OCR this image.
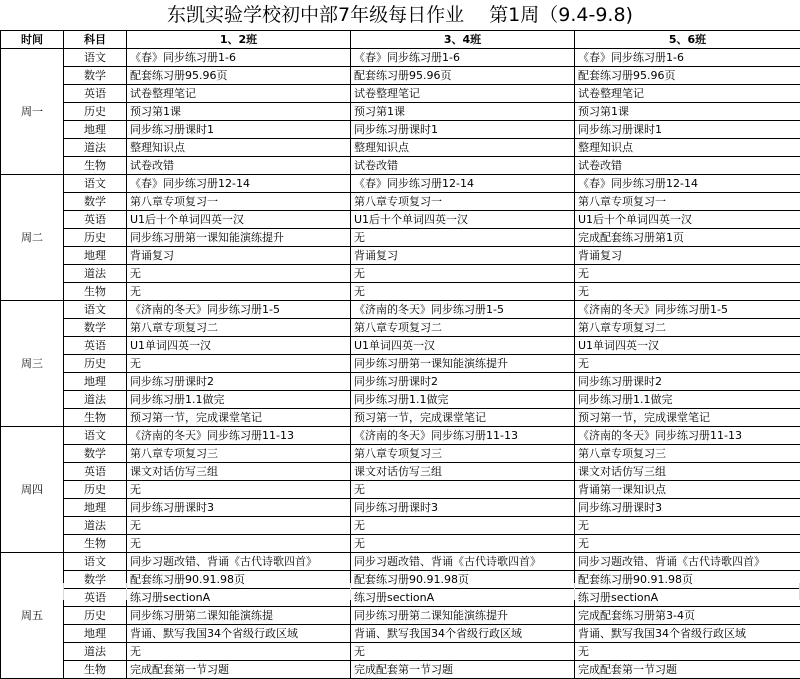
东凯实验学校初中部7年级每日作业 　第1周（9.4-9.8)
时间	科目	1、2班	3、4班	5、6班
周一	语文	《春》同步练习册1-6	《春》同步练习册1-6	《春》同步练习册1-6
	数学	配套练习册95.96页	配套练习册95.96页	配套练习册95.96页
	英语	试卷整理笔记	试卷整理笔记	试卷整理笔记
	历史	预习第1课	预习第1课	预习第1课
	地理	同步练习册课时1	同步练习册课时1	同步练习册课时1
	道法	整理知识点	整理知识点	整理知识点
	生物	试卷改错	试卷改错	试卷改错
周二	语文	《春》同步练习册12-14	《春》同步练习册12-14	《春》同步练习册12-14
	数学	第八章专项复习一	第八章专项复习一	第八章专项复习一
	英语	U1后十个单词四英一汉	U1后十个单词四英一汉	U1后十个单词四英一汉
	历史	同步练习册第一课知能演练提升	无	完成配套练习册第1页
	地理	背诵复习	背诵复习	背诵复习
	道法	无	无	无
	生物	无	无	无
周三	语文	《济南的冬天》同步练习册1-5	《济南的冬天》同步练习册1-5	《济南的冬天》同步练习册1-5
	数学	第八章专项复习二	第八章专项复习二	第八章专项复习二
	英语	U1单词四英一汉	U1单词四英一汉	U1单词四英一汉
	历史	无	同步练习册第一课知能演练提升	无
	地理	同步练习册课时2	同步练习册课时2	同步练习册课时2
	道法	同步练习册1.1做完	同步练习册1.1做完	同步练习册1.1做完
	生物	预习第一节，完成课堂笔记	预习第一节，完成课堂笔记	预习第一节，完成课堂笔记
周四	语文	《济南的冬天》同步练习册11-13	《济南的冬天》同步练习册11-13	《济南的冬天》同步练习册11-13
	数学	第八章专项复习三	第八章专项复习三	第八章专项复习三
	英语	课文对话仿写三组	课文对话仿写三组	课文对话仿写三组
	历史	无	无	背诵第一课知识点
	地理	同步练习册课时3	同步练习册课时3	同步练习册课时3
	道法	无	无	无
	生物	无	无	无
周五	语文	同步习题改错、背诵《古代诗歌四首》	同步习题改错、背诵《古代诗歌四首》	同步习题改错、背诵《古代诗歌四首》
	数学	配套练习册90.91.98页	配套练习册90.91.98页	配套练习册90.91.98页
	英语	练习册sectionA	练习册sectionA	练习册sectionA
	历史	同步练习册第二课知能演练提	同步练习册第二课知能演练提升	完成配套练习册第3-4页
	地理	背诵、默写我国34个省级行政区域	背诵、默写我国34个省级行政区域	背诵、默写我国34个省级行政区域
	道法	无	无	无
	生物	完成配套第一节习题	完成配套第一节习题	完成配套第一节习题
